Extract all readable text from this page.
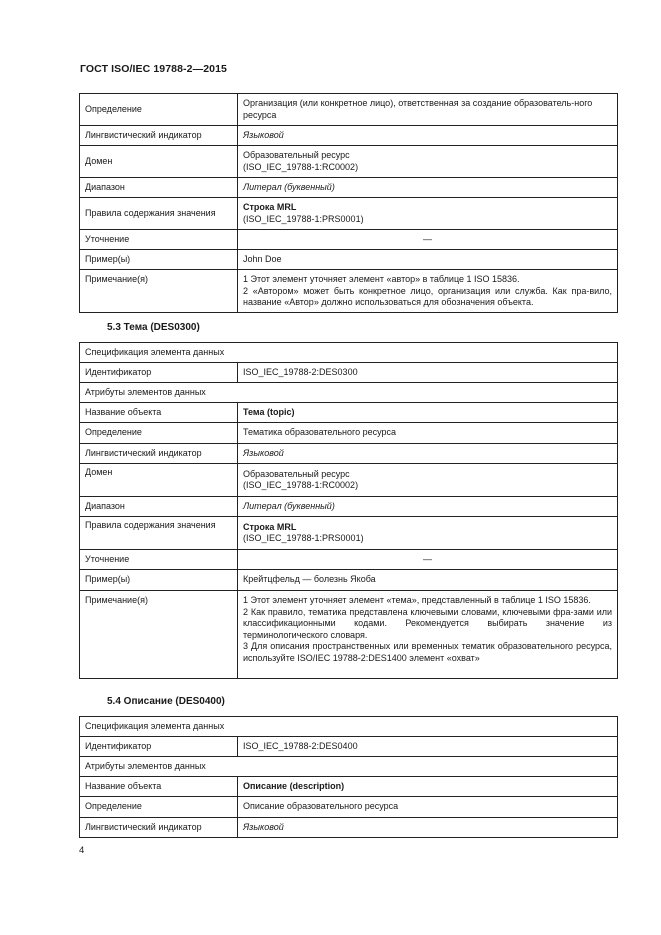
ГОСТ ISO/IEC 19788-2—2015
Определение	Организация (или конкретное лицо), ответственная за создание образователь-ного ресурса
Лингвистический индикатор	Языковой
Домен	Образовательный ресурс
(ISO_IEC_19788-1:RC0002)

Диапазон	Литерал (буквенный)
Правила содержания значения	Строка MRL
(ISO_IEC_19788-1:PRS0001)

Уточнение	—
Пример(ы)	John Doe
Примечание(я)	1 Этот элемент уточняет элемент «автор» в таблице 1 ISO 15836.

2 «Автором» может быть конкретное лицо, организация или служба. Как пра-вило, название «Автор» должно использоваться для обозначения объекта.

5.3 Тема (DES0300)
Спецификация элемента данных	
Идентификатор	ISO_IEC_19788-2:DES0300
Атрибуты элементов данных	
Название объекта	Тема (topic)
Определение	Тематика образовательного ресурса
Лингвистический индикатор	Языковой
Домен	Образовательный ресурс
(ISO_IEC_19788-1:RC0002)

Диапазон	Литерал (буквенный)
Правила содержания значения	Строка MRL
(ISO_IEC_19788-1:PRS0001)

Уточнение	—
Пример(ы)	Крейтцфельд — болезнь Якоба
Примечание(я)	1 Этот элемент уточняет элемент «тема», представленный в таблице 1 ISO 15836.

2 Как правило, тематика представлена ключевыми словами, ключевыми фра-зами или классификационными кодами. Рекомендуется выбирать значение из терминологического словаря.

3 Для описания пространственных или временных тематик образовательного ресурса, используйте ISO/IEC 19788-2:DES1400 элемент «охват»

5.4 Описание (DES0400)
Спецификация элемента данных	
Идентификатор	ISO_IEC_19788-2:DES0400
Атрибуты элементов данных	
Название объекта	Описание (description)
Определение	Описание образовательного ресурса
Лингвистический индикатор	Языковой
4
